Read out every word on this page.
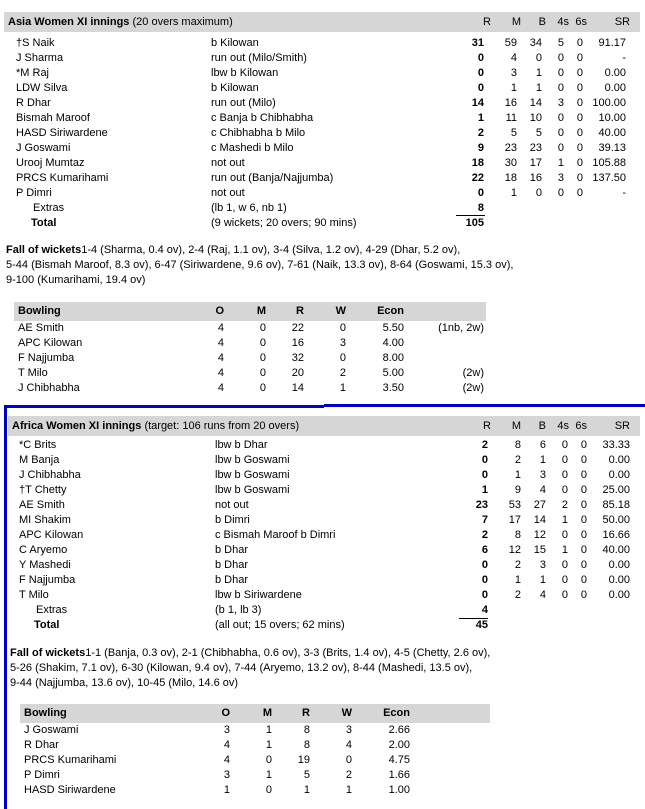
Asia Women XI innings (20 overs maximum)	R	M	B	4s 6s	SR
†S Naik	b Kilowan	31	59	34	5	0	91.17
J Sharma	run out (Milo/Smith)	0	4	0	0	0	-
*M Raj	lbw b Kilowan	0	3	1	0	0	0.00
LDW Silva	b Kilowan	0	1	1	0	0	0.00
R Dhar	run out (Milo)	14	16	14	3	0 100.00
Bismah Maroof	c Banja b Chibhabha	1	11	10	0	0	10.00
HASD Siriwardene	c Chibhabha b Milo	2	5	5	0	0	40.00
J Goswami	c Mashedi b Milo	9	23	23	0	0	39.13
Urooj Mumtaz	not out	18	30	17	1	0 105.88
PRCS Kumarihami	run out (Banja/Najjumba)	22	18	16	3	0 137.50
P Dimri	not out	0	1	0	0	0	-
Extras	(lb 1, w 6, nb 1)	8
Total	(9 wickets; 20 overs; 90 mins)	105
Fall of wickets1-4 (Sharma, 0.4 ov), 2-4 (Raj, 1.1 ov), 3-4 (Silva, 1.2 ov), 4-29 (Dhar, 5.2 ov),
5-44 (Bismah Maroof, 8.3 ov), 6-47 (Siriwardene, 9.6 ov), 7-61 (Naik, 13.3 ov), 8-64 (Goswami, 15.3 ov),
9-100 (Kumarihami, 19.4 ov)
Bowling	O	M	R	W	Econ
AE Smith	4	0	22	0	5.50	(1nb, 2w)
APC Kilowan	4	0	16	3	4.00
F Najjumba	4	0	32	0	8.00
T Milo	4	0	20	2	5.00	(2w)
J Chibhabha	4	0	14	1	3.50	(2w)
Africa Women XI innings (target: 106 runs from 20 overs)	R	M	B	4s 6s	SR
*C Brits	lbw b Dhar	2	8	6	0	0	33.33
M Banja	lbw b Goswami	0	2	1	0	0	0.00
J Chibhabha	lbw b Goswami	0	1	3	0	0	0.00
†T Chetty	lbw b Goswami	1	9	4	0	0	25.00
AE Smith	not out	23	53	27	2	0	85.18
MI Shakim	b Dimri	7	17	14	1	0	50.00
APC Kilowan	c Bismah Maroof b Dimri	2	8	12	0	0	16.66
C Aryemo	b Dhar	6	12	15	1	0	40.00
Y Mashedi	b Dhar	0	2	3	0	0	0.00
F Najjumba	b Dhar	0	1	1	0	0	0.00
T Milo	lbw b Siriwardene	0	2	4	0	0	0.00
Extras	(b 1, lb 3)	4
Total	(all out; 15 overs; 62 mins)	45
Fall of wickets1-1 (Banja, 0.3 ov), 2-1 (Chibhabha, 0.6 ov), 3-3 (Brits, 1.4 ov), 4-5 (Chetty, 2.6 ov),
5-26 (Shakim, 7.1 ov), 6-30 (Kilowan, 9.4 ov), 7-44 (Aryemo, 13.2 ov), 8-44 (Mashedi, 13.5 ov),
9-44 (Najjumba, 13.6 ov), 10-45 (Milo, 14.6 ov)
Bowling	O	M	R	W	Econ
J Goswami	3	1	8	3	2.66
R Dhar	4	1	8	4	2.00
PRCS Kumarihami	4	0	19	0	4.75
P Dimri	3	1	5	2	1.66
HASD Siriwardene	1	0	1	1	1.00
